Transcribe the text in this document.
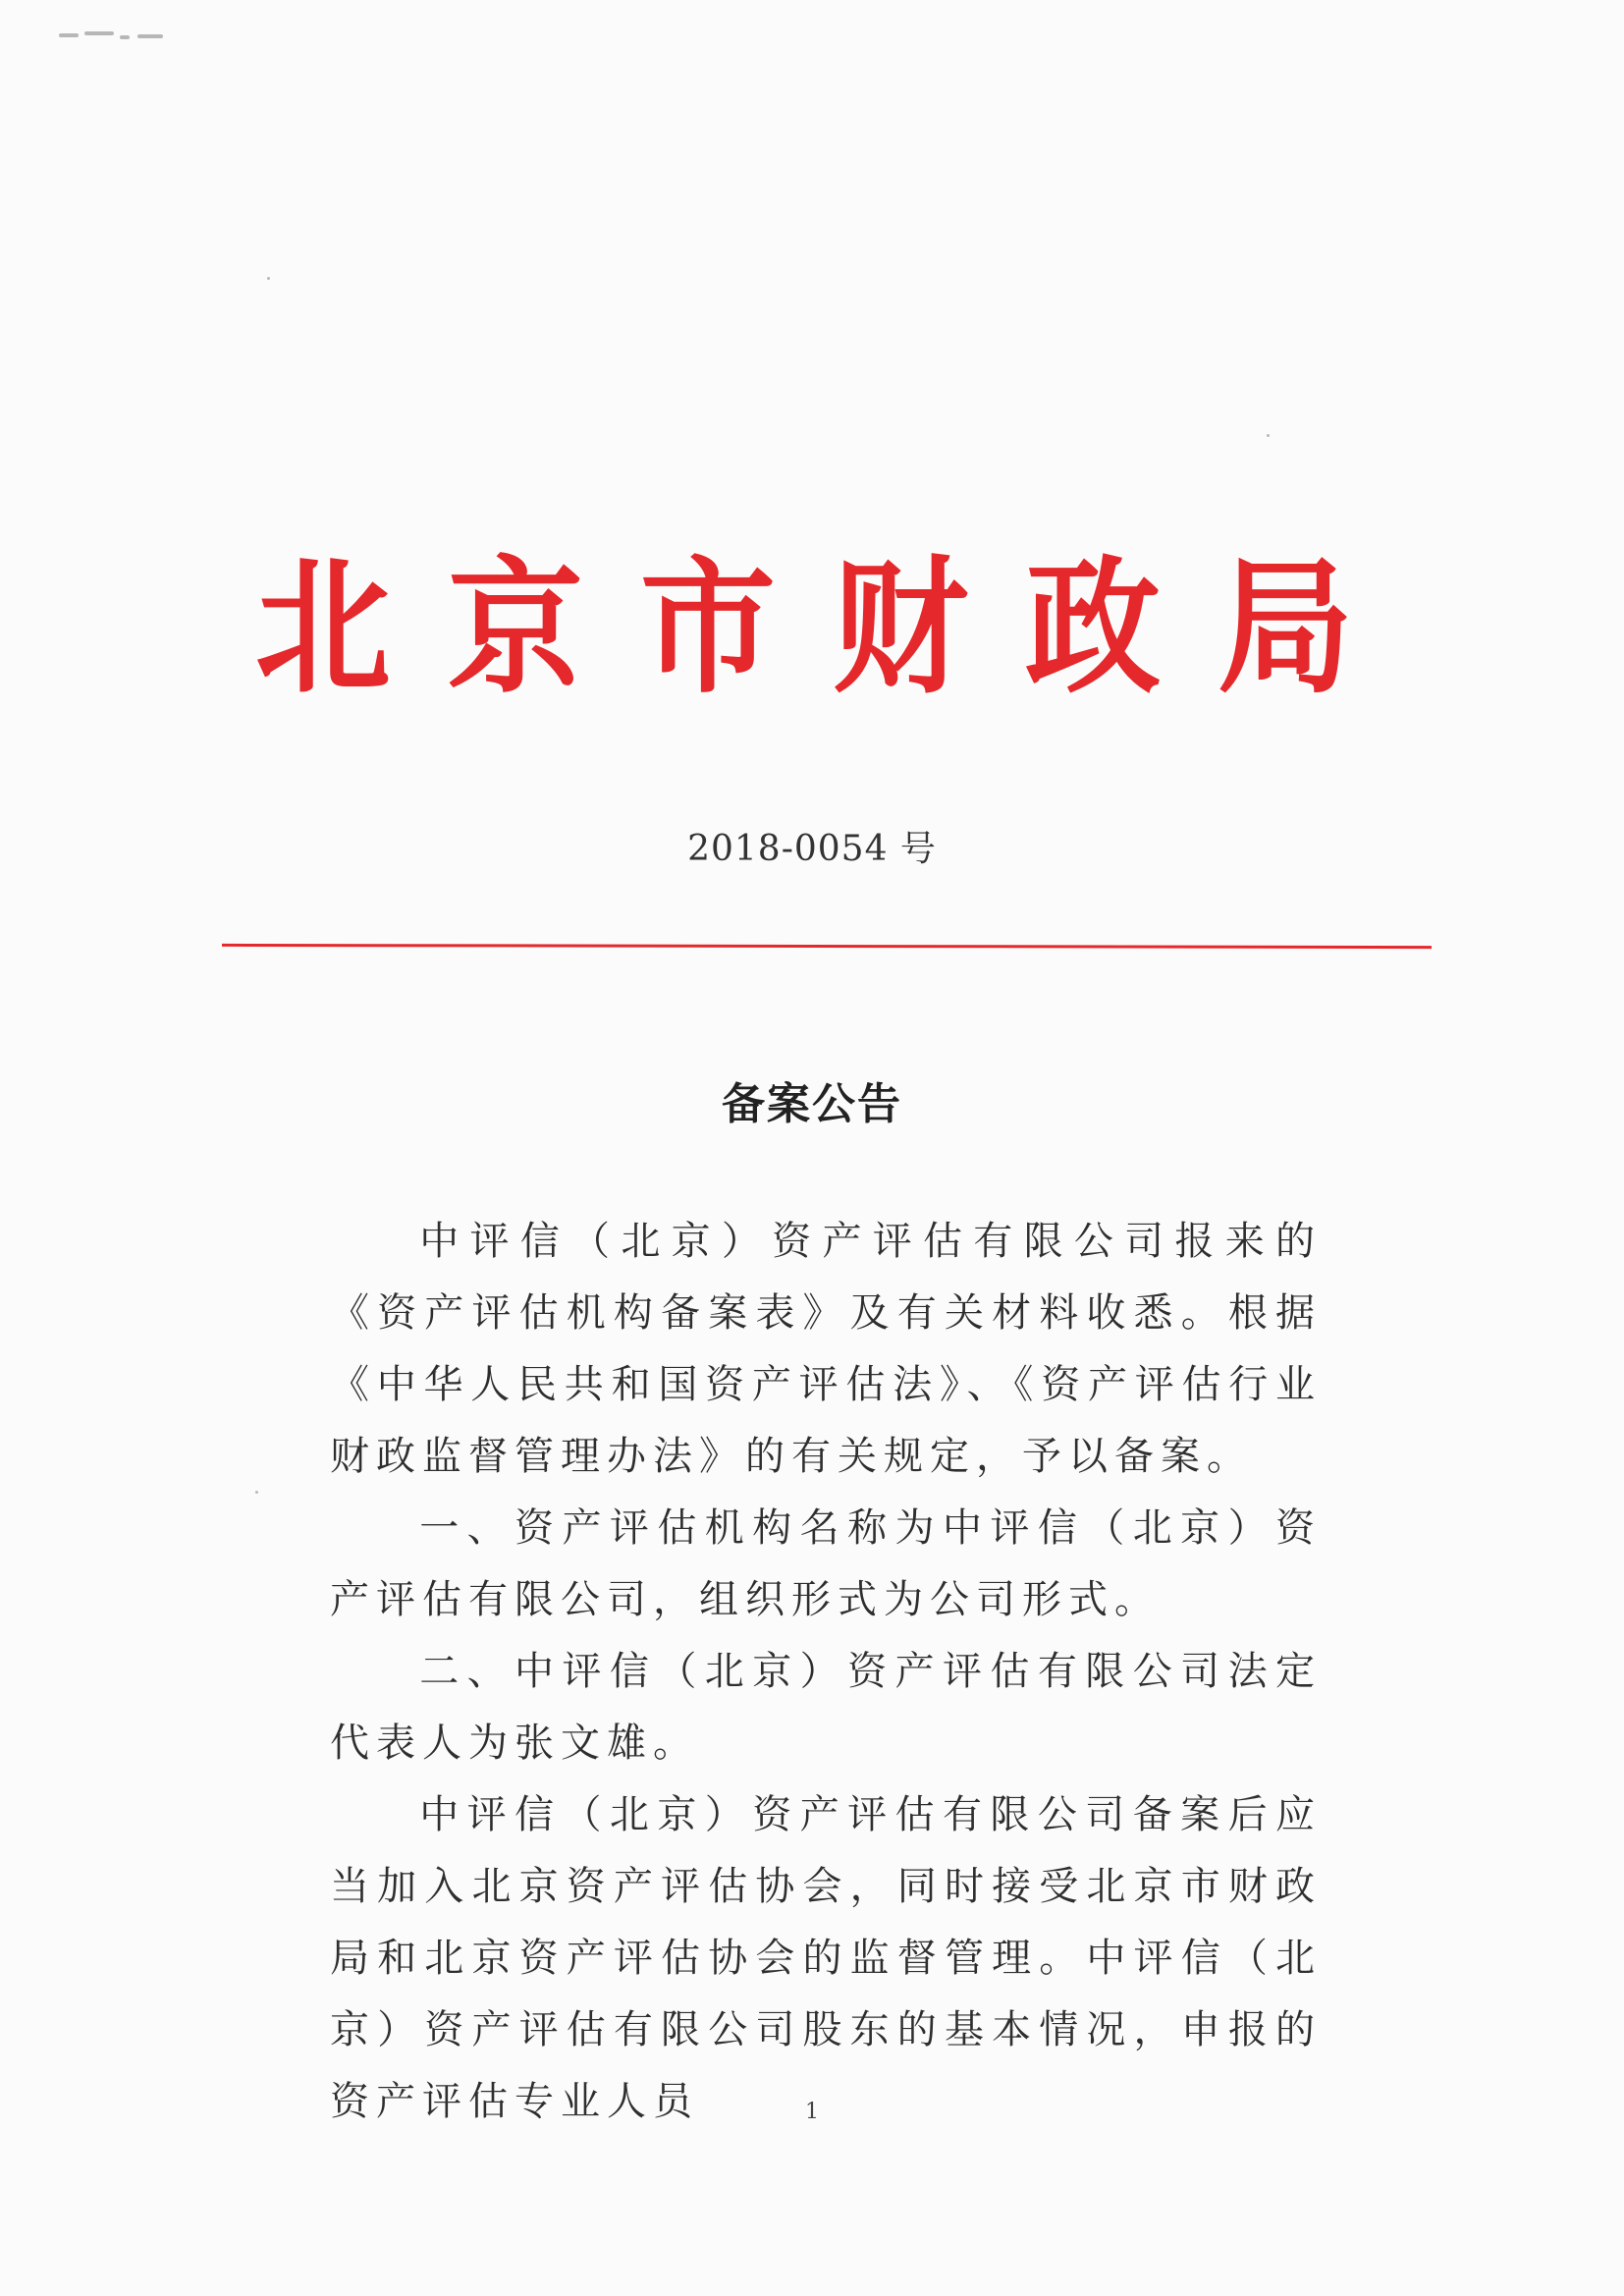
北京市财政局
2018-0054 号
备案公告

中评信（北京）资产评估有限公司报来的《资产评估机构备案表》及有关材料收悉。根据《中华人民共和国资产评估法》、《资产评估行业财政监督管理办法》的有关规定，予以备案。

一、资产评估机构名称为中评信（北京）资产评估有限公司，组织形式为公司形式。

二、中评信（北京）资产评估有限公司法定代表人为张文雄。

中评信（北京）资产评估有限公司备案后应当加入北京资产评估协会，同时接受北京市财政局和北京资产评估协会的监督管理。中评信（北京）资产评估有限公司股东的基本情况，申报的资产评估专业人员	1
